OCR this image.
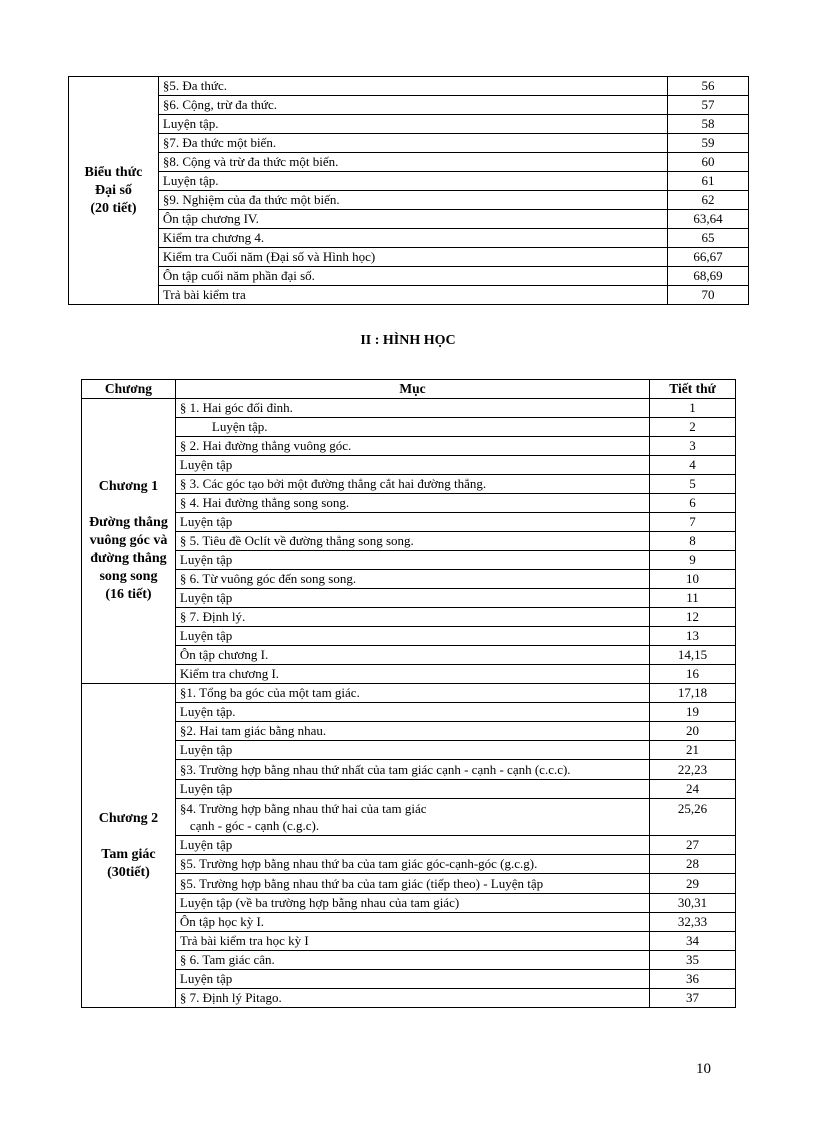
Biểu thức
Đại số
(20 tiết)	§5. Đa thức.	56
	§6. Cộng, trừ đa thức.	57
	Luyện tập.	58
	§7. Đa thức một biến.	59
	§8. Cộng và trừ đa thức một biến.	60
	Luyện tập.	61
	§9. Nghiệm của đa thức một biến.	62
	Ôn tập chương IV.	63,64
	Kiểm tra chương 4.	65
	Kiểm tra Cuối năm (Đại số và Hình học)	66,67
	Ôn tập cuối năm phần đại số.	68,69
	Trả bài kiểm tra	70
II : HÌNH HỌC
Chương	Mục	Tiết thứ

Chương 1
Đường thẳng vuông góc và đường thẳng song song
(16 tiết)	§ 1. Hai góc đối đỉnh.	1
	Luyện tập.	2
	§ 2. Hai đường thẳng vuông góc.	3
	Luyện tập	4
	§ 3. Các góc tạo bởi một đường thẳng cắt hai đường thẳng.	5
	§ 4. Hai đường thẳng song song.	6
	Luyện tập	7
	§ 5. Tiêu đề Oclít về đường thẳng song song.	8
	Luyện tập	9
	§ 6. Từ vuông góc đến song song.	10
	Luyện tập	11
	§ 7. Định lý.	12
	Luyện tập	13
	Ôn tập chương I.	14,15
	Kiểm tra chương I.	16

Chương 2
Tam giác
(30tiết)	§1. Tổng ba góc của một tam giác.	17,18
	Luyện tập.	19
	§2. Hai tam giác bằng nhau.	20
	Luyện tập	21
	§3. Trường hợp bằng nhau thứ nhất của tam giác cạnh - cạnh - cạnh (c.c.c).	22,23
	Luyện tập	24
	§4. Trường hợp bằng nhau thứ hai của tam giác
cạnh - góc - cạnh (c.g.c).	25,26
	Luyện tập	27
	§5. Trường hợp bằng nhau thứ ba của tam giác góc-cạnh-góc (g.c.g).	28
	§5. Trường hợp bằng nhau thứ ba của tam giác (tiếp theo) - Luyện tập	29
	Luyện tập (về ba trường hợp bằng nhau của tam giác)	30,31
	Ôn tập học kỳ I.	32,33
	Trả bài kiểm tra học kỳ I	34
	§ 6. Tam giác cân.	35
	Luyện tập	36
	§ 7. Định lý Pitago.	37
10
